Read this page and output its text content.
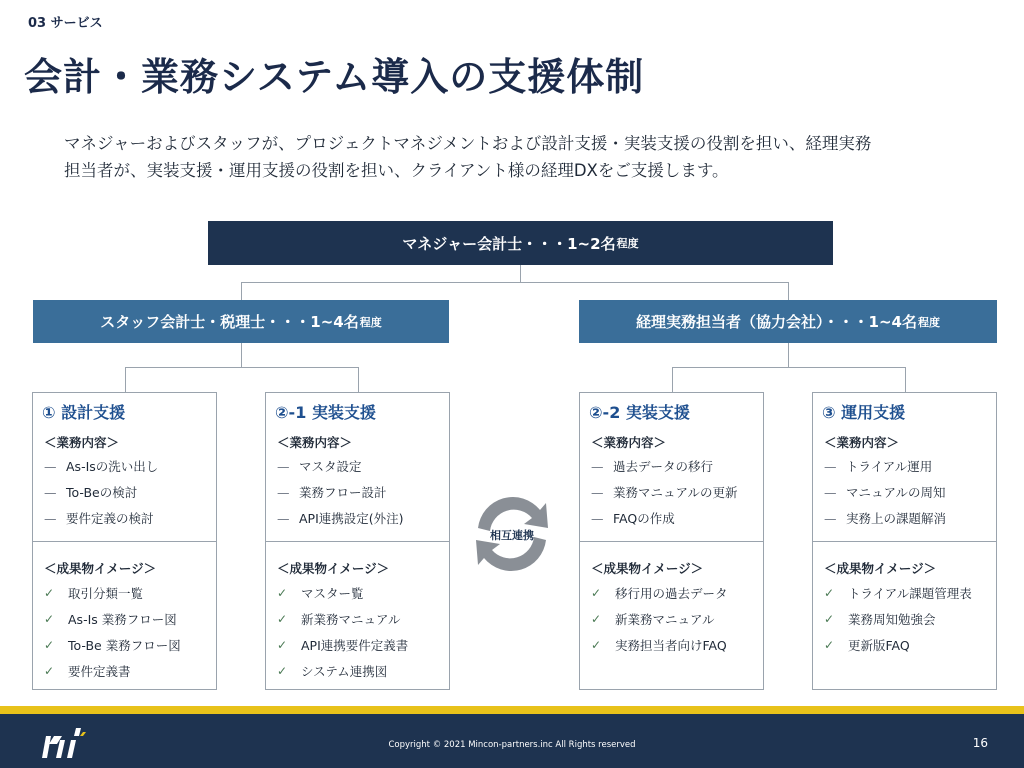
03 サービス
会計・業務システム導入の支援体制
マネジャーおよびスタッフが、プロジェクトマネジメントおよび設計支援・実装支援の役割を担い、経理実務
担当者が、実装支援・運用支援の役割を担い、クライアント様の経理DXをご支援します。
マネジャー会計士・・・1~2名 程度
スタッフ会計士・税理士・・・1~4名 程度	経理実務担当者（協力会社）・・・1~4名 程度
① 設計支援
＜業務内容＞
— As-Isの洗い出し
— To-Beの検討
— 要件定義の検討
＜成果物イメージ＞
✓	取引分類一覧
✓	As-Is 業務フロー図
✓	To-Be 業務フロー図
✓	要件定義書
②-1 実装支援
＜業務内容＞
— マスタ設定
— 業務フロー設計
— API連携設定(外注)
＜成果物イメージ＞
✓	マスター覧
✓	新業務マニュアル
✓	API連携要件定義書
✓	システム連携図
相互連携
②-2 実装支援
＜業務内容＞
— 過去データの移行
— 業務マニュアルの更新
— FAQの作成
＜成果物イメージ＞
✓	移行用の過去データ
✓	新業務マニュアル
✓	実務担当者向けFAQ
③ 運用支援
＜業務内容＞
— トライアル運用
— マニュアルの周知
— 実務上の課題解消
＜成果物イメージ＞
✓	トライアル課題管理表
✓	業務周知勉強会
✓	更新版FAQ
Copyright © 2021 Mincon-partners.inc All Rights reserved	16
